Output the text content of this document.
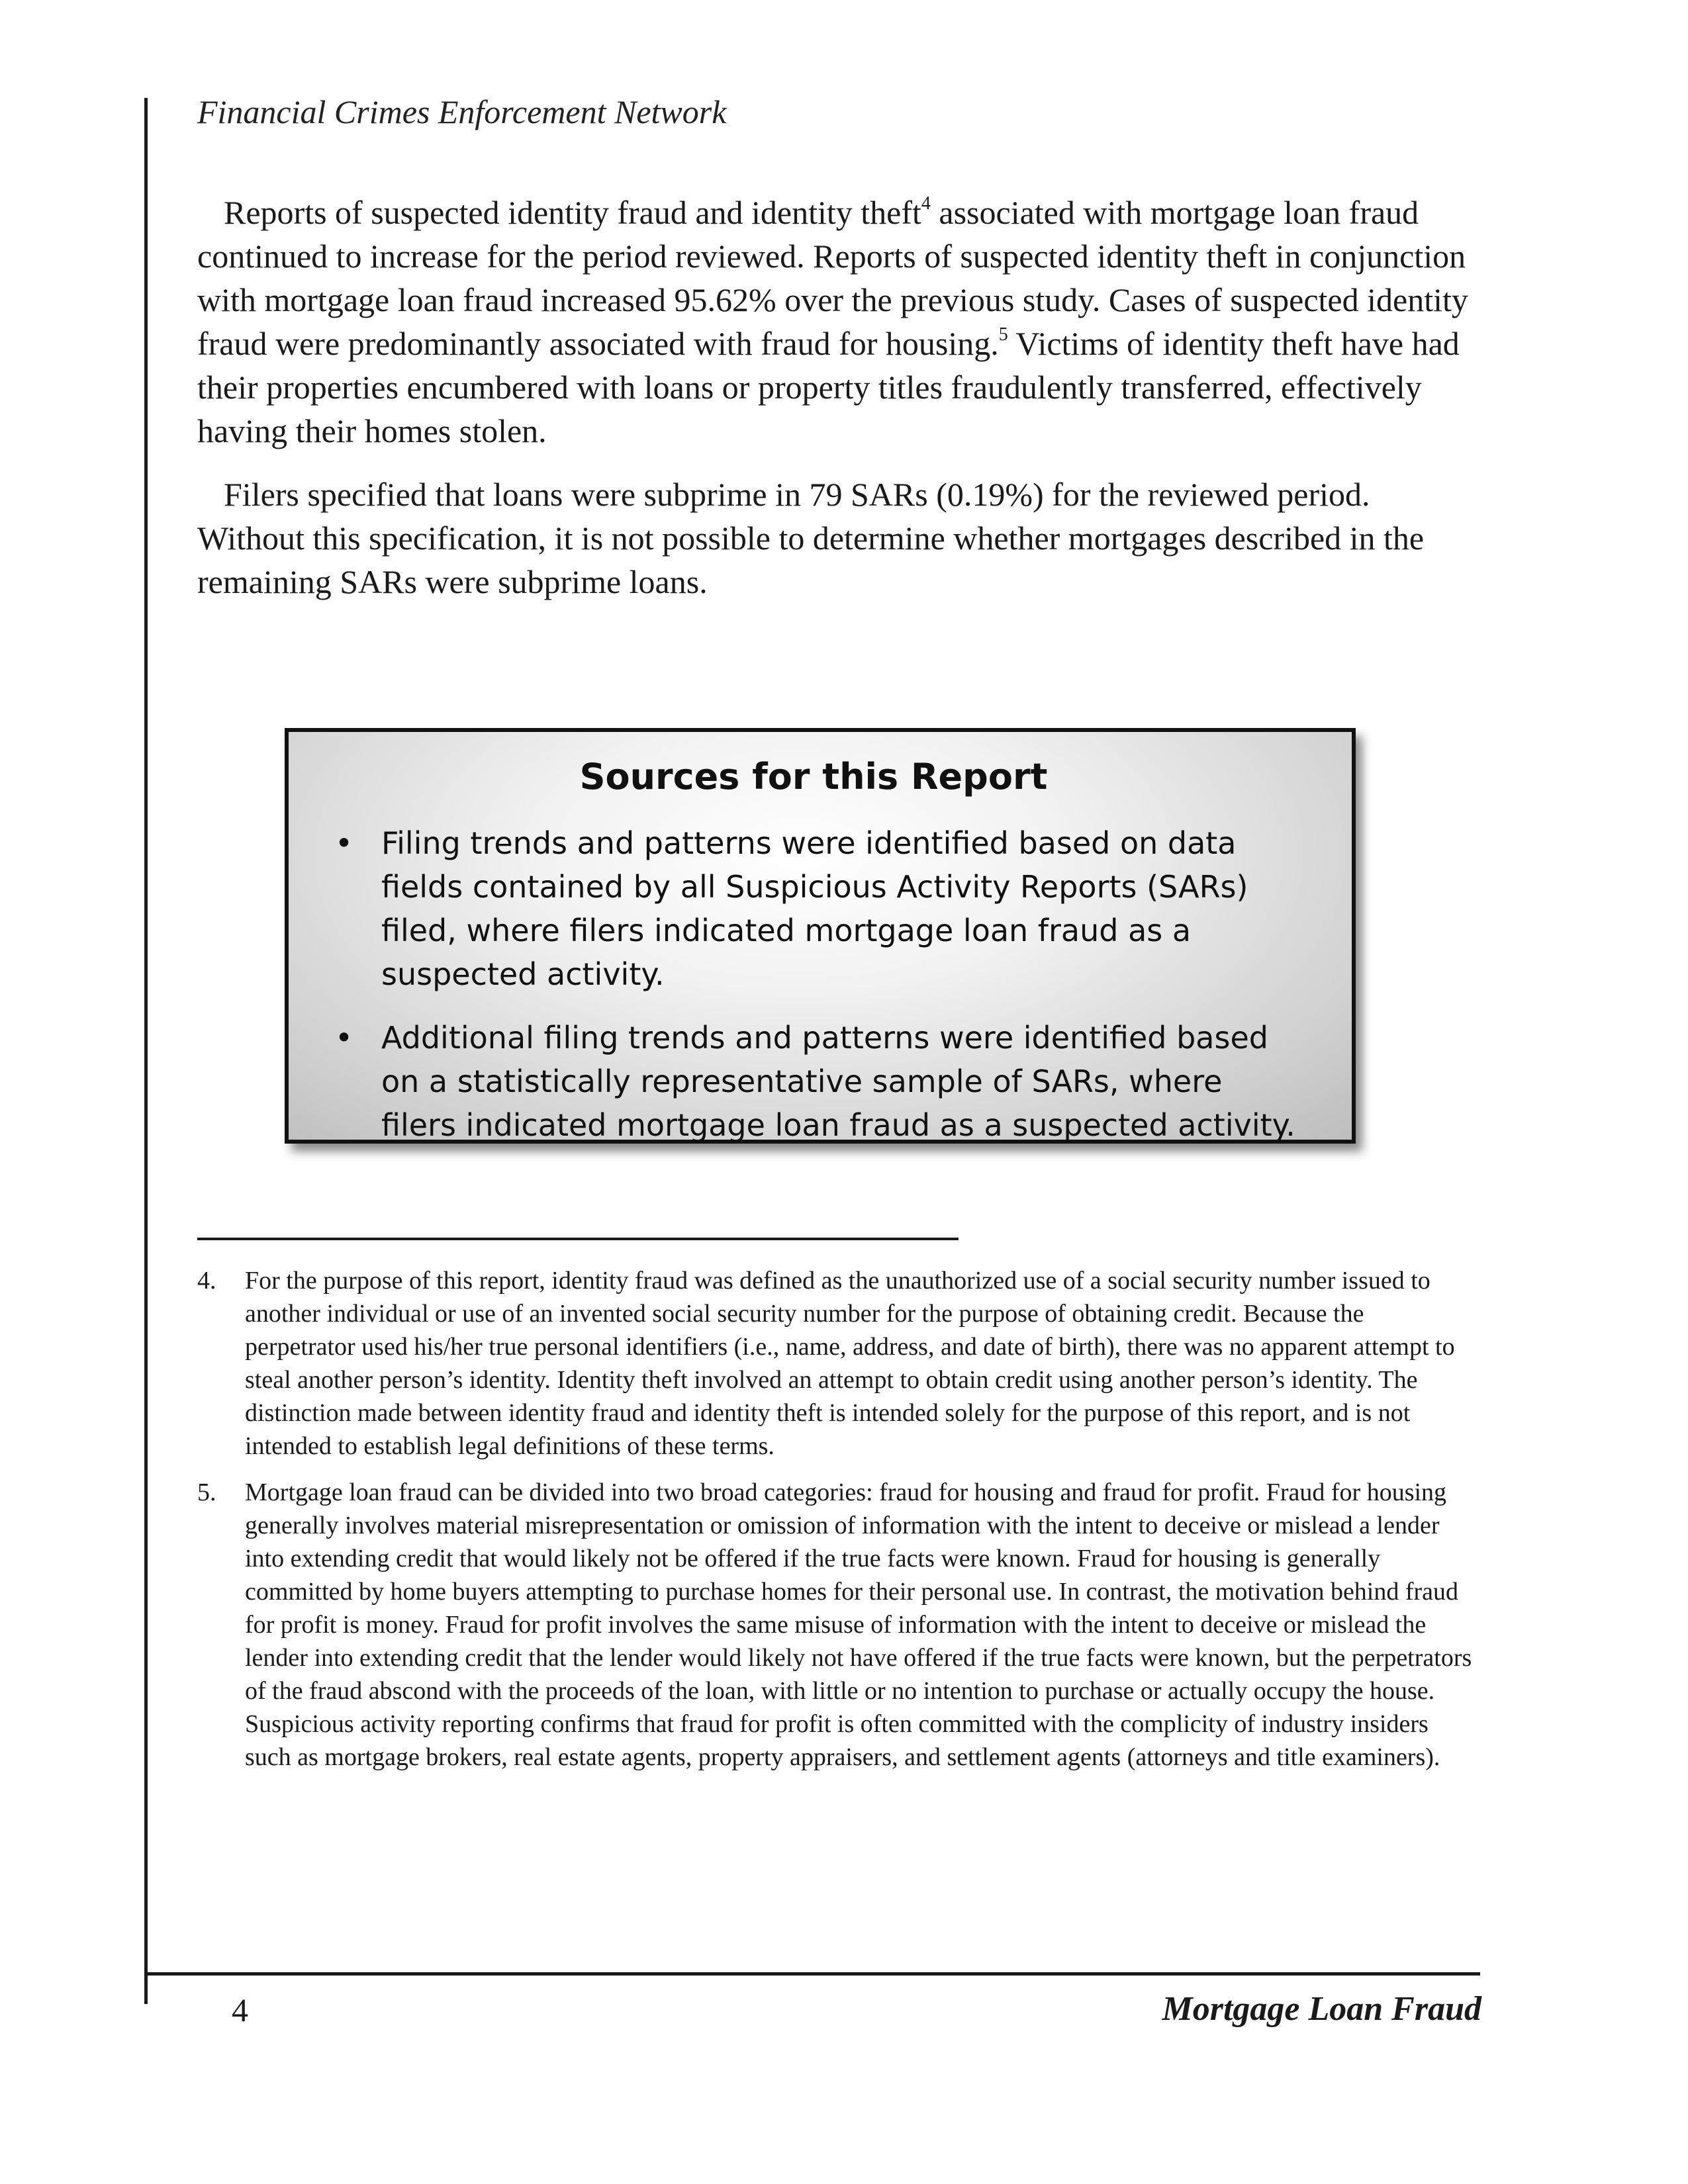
Financial Crimes Enforcement Network

Reports of suspected identity fraud and identity theft$^4$ associated with mortgage loan fraud continued to increase for the period reviewed. Reports of suspected identity theft in conjunction with mortgage loan fraud increased 95.62% over the previous study. Cases of suspected identity fraud were predominantly associated with fraud for housing.$^5$ Victims of identity theft have had their properties encumbered with loans or property titles fraudulently transferred, effectively having their homes stolen.

Filers specified that loans were subprime in 79 SARs (0.19%) for the reviewed period. Without this specification, it is not possible to determine whether mortgages described in the remaining SARs were subprime loans.

Sources for this Report
• Filing trends and patterns were identified based on data fields contained by all Suspicious Activity Reports (SARs) filed, where filers indicated mortgage loan fraud as a suspected activity.
• Additional filing trends and patterns were identified based on a statistically representative sample of SARs, where filers indicated mortgage loan fraud as a suspected activity.
4. For the purpose of this report, identity fraud was defined as the unauthorized use of a social security number issued to another individual or use of an invented social security number for the purpose of obtaining credit. Because the perpetrator used his/her true personal identifiers (i.e., name, address, and date of birth), there was no apparent attempt to steal another person’s identity. Identity theft involved an attempt to obtain credit using another person’s identity. The distinction made between identity fraud and identity theft is intended solely for the purpose of this report, and is not intended to establish legal definitions of these terms.
5. Mortgage loan fraud can be divided into two broad categories: fraud for housing and fraud for profit. Fraud for housing generally involves material misrepresentation or omission of information with the intent to deceive or mislead a lender into extending credit that would likely not be offered if the true facts were known. Fraud for housing is generally committed by home buyers attempting to purchase homes for their personal use. In contrast, the motivation behind fraud for profit is money. Fraud for profit involves the same misuse of information with the intent to deceive or mislead the lender into extending credit that the lender would likely not have offered if the true facts were known, but the perpetrators of the fraud abscond with the proceeds of the loan, with little or no intention to purchase or actually occupy the house. Suspicious activity reporting confirms that fraud for profit is often committed with the complicity of industry insiders such as mortgage brokers, real estate agents, property appraisers, and settlement agents (attorneys and title examiners).
4	Mortgage Loan Fraud
